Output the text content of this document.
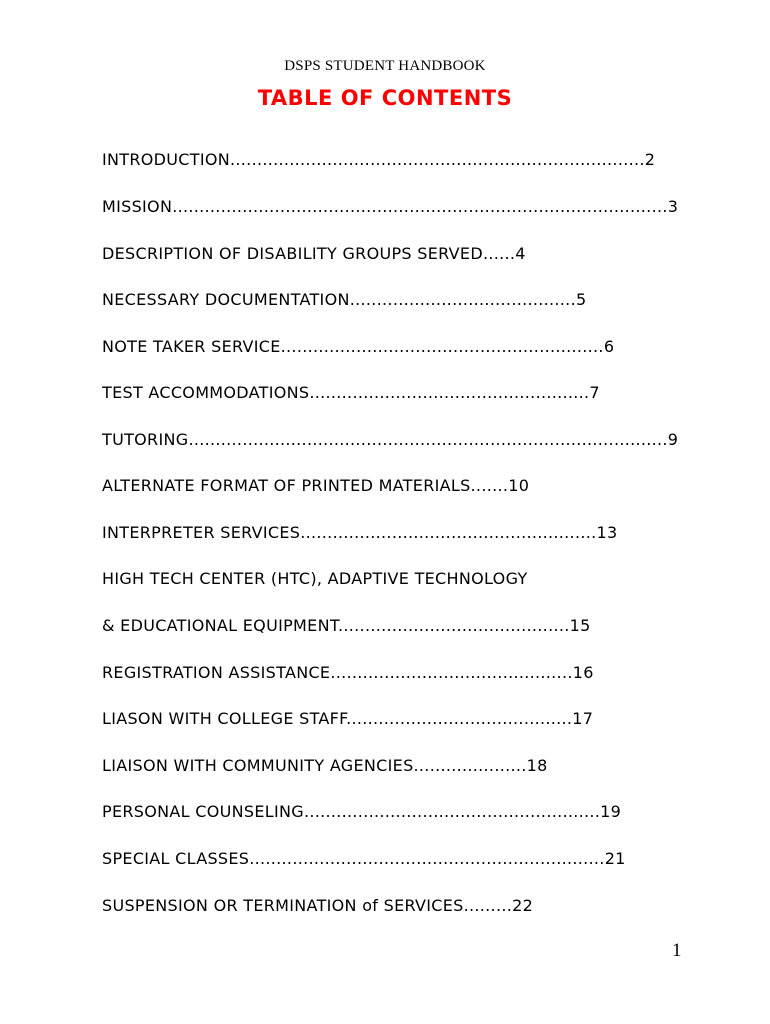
DSPS STUDENT HANDBOOK
TABLE OF CONTENTS
INTRODUCTION.............................................................................2
MISSION............................................................................................3
DESCRIPTION OF DISABILITY GROUPS SERVED......4
NECESSARY DOCUMENTATION..........................................5
NOTE TAKER SERVICE............................................................6
TEST ACCOMMODATIONS....................................................7
TUTORING.........................................................................................9
ALTERNATE FORMAT OF PRINTED MATERIALS.......10
INTERPRETER SERVICES.......................................................13
HIGH TECH CENTER (HTC), ADAPTIVE TECHNOLOGY
& EDUCATIONAL EQUIPMENT...........................................15
REGISTRATION ASSISTANCE.............................................16
LIASON WITH COLLEGE STAFF..........................................17
LIAISON WITH COMMUNITY AGENCIES.....................18
PERSONAL COUNSELING.......................................................19
SPECIAL CLASSES..................................................................21
SUSPENSION OR TERMINATION of SERVICES.........22
1
